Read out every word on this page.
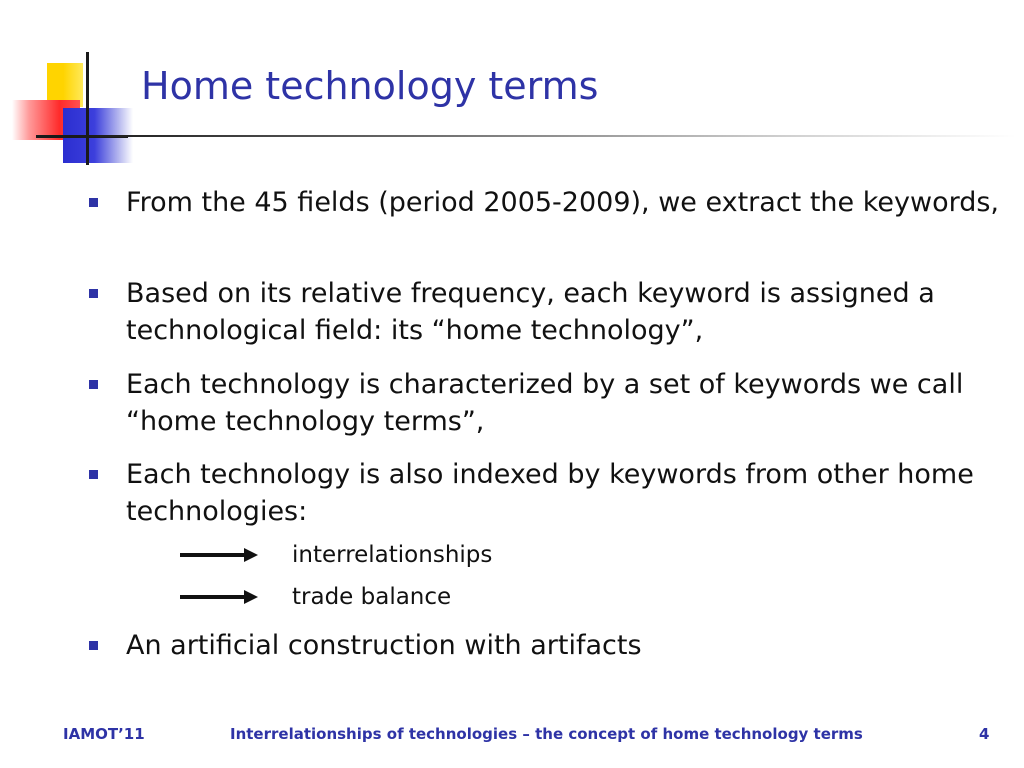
Home technology terms
From the 45 fields (period 2005-2009), we extract the keywords,
Based on its relative frequency, each keyword is assigned a technological field: its “home technology”,
Each technology is characterized by a set of keywords we call “home technology terms”,
Each technology is also indexed by keywords from other home technologies:
interrelationships
trade balance
An artificial construction with artifacts
IAMOT’11	Interrelationships of technologies – the concept of home technology terms	4
